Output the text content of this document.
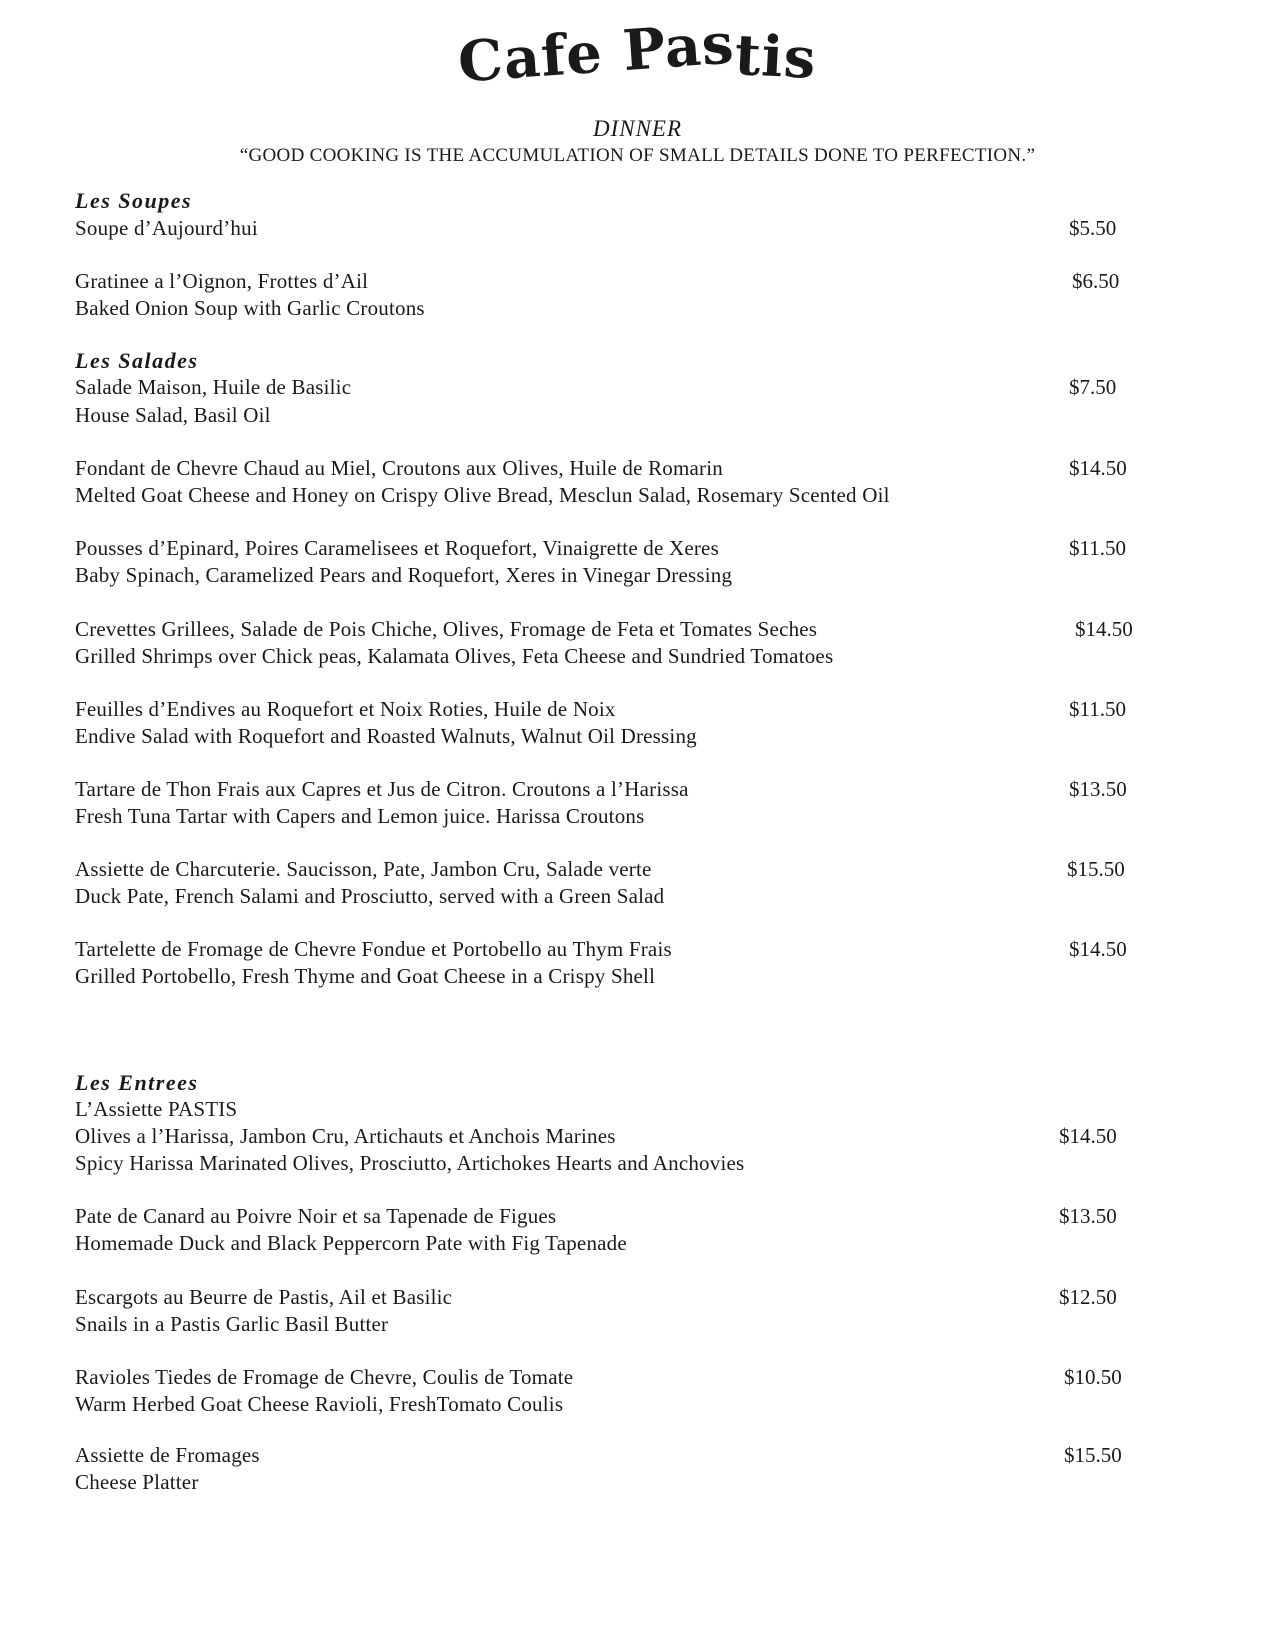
Cafe Pastis
DINNER
“GOOD COOKING IS THE ACCUMULATION OF SMALL DETAILS DONE TO PERFECTION.”
Les Soupes
Soupe d’Aujourd’hui	$5.50
Gratinee a l’Oignon, Frottes d’Ail	$6.50
Baked Onion Soup with Garlic Croutons
Les Salades
Salade Maison, Huile de Basilic	$7.50
House Salad, Basil Oil
Fondant de Chevre Chaud au Miel, Croutons aux Olives, Huile de Romarin	$14.50
Melted Goat Cheese and Honey on Crispy Olive Bread, Mesclun Salad, Rosemary Scented Oil
Pousses d’Epinard, Poires Caramelisees et Roquefort, Vinaigrette de Xeres	$11.50
Baby Spinach, Caramelized Pears and Roquefort, Xeres in Vinegar Dressing
Crevettes Grillees, Salade de Pois Chiche, Olives, Fromage de Feta et Tomates Seches	$14.50
Grilled Shrimps over Chick peas, Kalamata Olives, Feta Cheese and Sundried Tomatoes
Feuilles d’Endives au Roquefort et Noix Roties, Huile de Noix	$11.50
Endive Salad with Roquefort and Roasted Walnuts, Walnut Oil Dressing
Tartare de Thon Frais aux Capres et Jus de Citron. Croutons a l’Harissa	$13.50
Fresh Tuna Tartar with Capers and Lemon juice. Harissa Croutons
Assiette de Charcuterie. Saucisson, Pate, Jambon Cru, Salade verte	$15.50
Duck Pate, French Salami and Prosciutto, served with a Green Salad
Tartelette de Fromage de Chevre Fondue et Portobello au Thym Frais	$14.50
Grilled Portobello, Fresh Thyme and Goat Cheese in a Crispy Shell
Les Entrees
L’Assiette PASTIS
Olives a l’Harissa, Jambon Cru, Artichauts et Anchois Marines	$14.50
Spicy Harissa Marinated Olives, Prosciutto, Artichokes Hearts and Anchovies
Pate de Canard au Poivre Noir et sa Tapenade de Figues	$13.50
Homemade Duck and Black Peppercorn Pate with Fig Tapenade
Escargots au Beurre de Pastis, Ail et Basilic	$12.50
Snails in a Pastis Garlic Basil Butter
Ravioles Tiedes de Fromage de Chevre, Coulis de Tomate	$10.50
Warm Herbed Goat Cheese Ravioli, FreshTomato Coulis
Assiette de Fromages	$15.50
Cheese Platter
